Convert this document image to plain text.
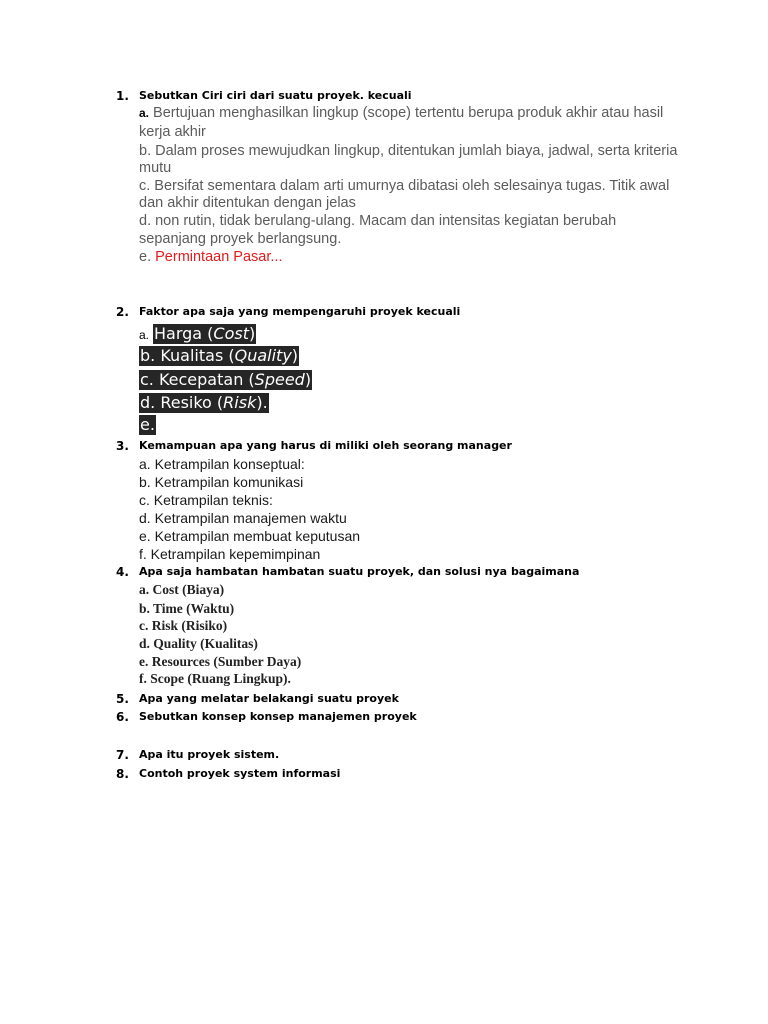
1. Sebutkan Ciri ciri dari suatu proyek. kecuali
a. Bertujuan menghasilkan lingkup (scope) tertentu berupa produk akhir atau hasil
kerja akhir
b. Dalam proses mewujudkan lingkup, ditentukan jumlah biaya, jadwal, serta kriteria
mutu
c. Bersifat sementara dalam arti umurnya dibatasi oleh selesainya tugas. Titik awal
dan akhir ditentukan dengan jelas
d. non rutin, tidak berulang-ulang. Macam dan intensitas kegiatan berubah
sepanjang proyek berlangsung.
e. Permintaan Pasar...
2. Faktor apa saja yang mempengaruhi proyek kecuali
a. Harga (Cost)
b. Kualitas (Quality)
c. Kecepatan (Speed)
d. Resiko (Risk).
e.
3. Kemampuan apa yang harus di miliki oleh seorang manager
a. Ketrampilan konseptual:
b. Ketrampilan komunikasi
c. Ketrampilan teknis:
d. Ketrampilan manajemen waktu
e. Ketrampilan membuat keputusan
f. Ketrampilan kepemimpinan
4. Apa saja hambatan hambatan suatu proyek, dan solusi nya bagaimana
a. Cost (Biaya)
b. Time (Waktu)
c. Risk (Risiko)
d. Quality (Kualitas)
e. Resources (Sumber Daya)
f. Scope (Ruang Lingkup).
5. Apa yang melatar belakangi suatu proyek
6. Sebutkan konsep konsep manajemen proyek
7. Apa itu proyek sistem.
8. Contoh proyek system informasi
